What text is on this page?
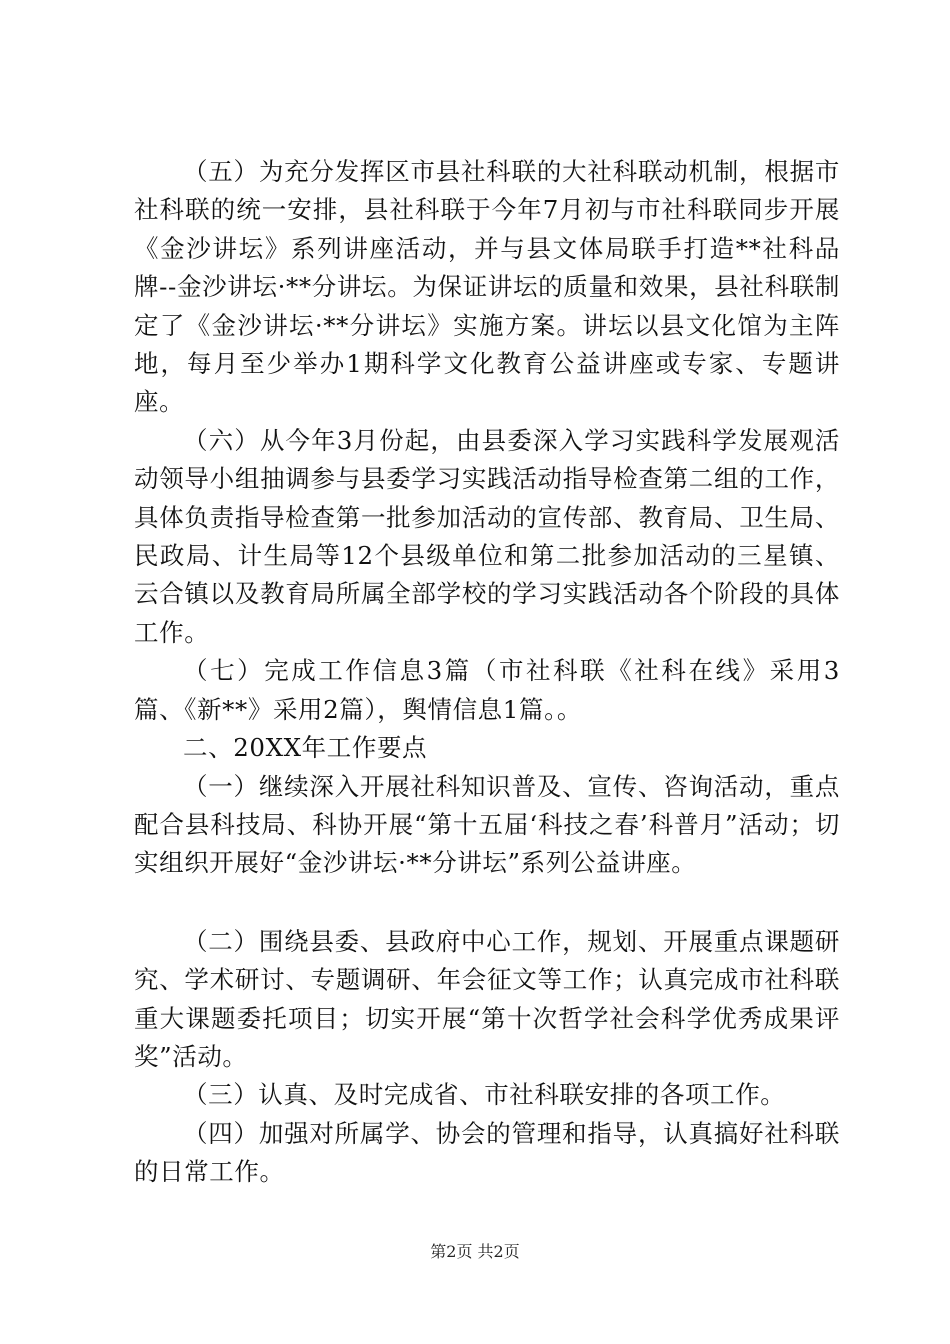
（五）为充分发挥区市县社科联的大社科联动机制，根据市社科联的统一安排，县社科联于今年7月初与市社科联同步开展《金沙讲坛》系列讲座活动，并与县文体局联手打造**社科品牌--金沙讲坛·**分讲坛。为保证讲坛的质量和效果，县社科联制定了《金沙讲坛·**分讲坛》实施方案。讲坛以县文化馆为主阵地，每月至少举办1期科学文化教育公益讲座或专家、专题讲座。

（六）从今年3月份起，由县委深入学习实践科学发展观活动领导小组抽调参与县委学习实践活动指导检查第二组的工作，具体负责指导检查第一批参加活动的宣传部、教育局、卫生局、民政局、计生局等12个县级单位和第二批参加活动的三星镇、云合镇以及教育局所属全部学校的学习实践活动各个阶段的具体工作。

（七）完成工作信息3篇（市社科联《社科在线》采用3篇、《新**》采用2篇），舆情信息1篇。。

二、20XX年工作要点

（一）继续深入开展社科知识普及、宣传、咨询活动，重点配合县科技局、科协开展“第十五届‘科技之春’科普月”活动；切实组织开展好“金沙讲坛·**分讲坛”系列公益讲座。

（二）围绕县委、县政府中心工作，规划、开展重点课题研究、学术研讨、专题调研、年会征文等工作；认真完成市社科联重大课题委托项目；切实开展“第十次哲学社会科学优秀成果评奖”活动。

（三）认真、及时完成省、市社科联安排的各项工作。

（四）加强对所属学、协会的管理和指导，认真搞好社科联的日常工作。

第2页 共2页
